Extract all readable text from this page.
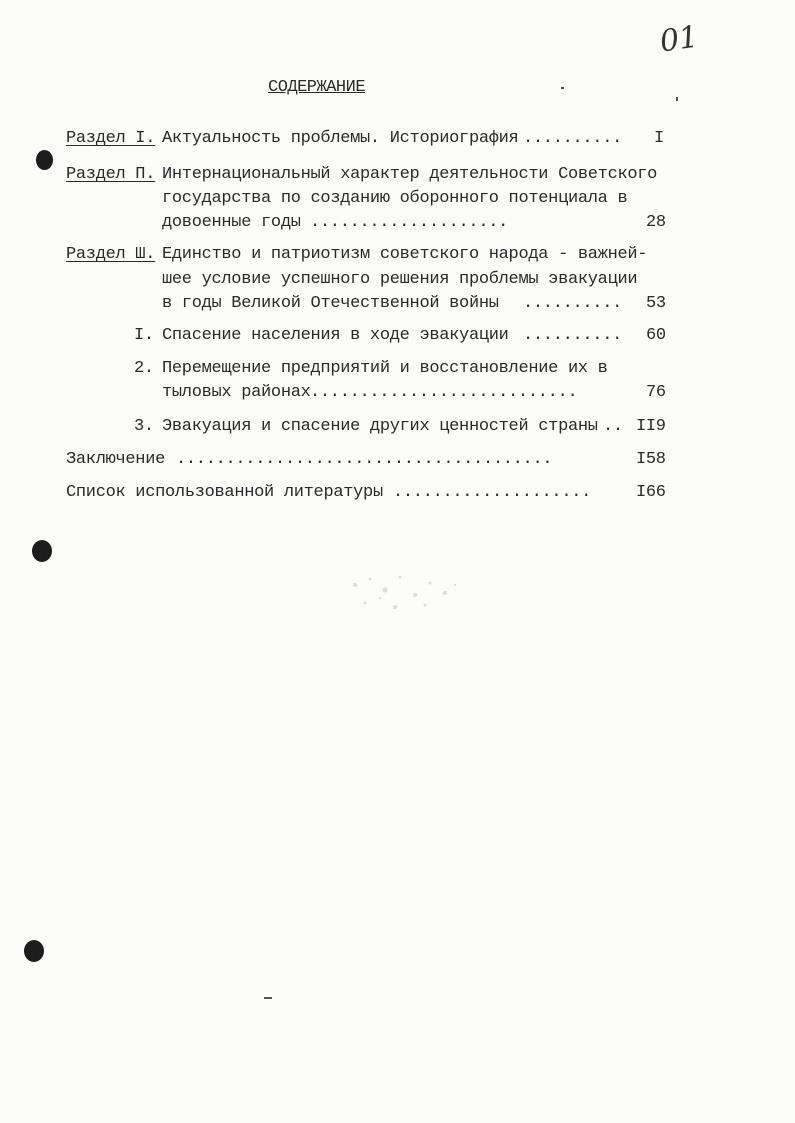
01
СОДЕРЖАНИЕ
Раздел I. Актуальность проблемы. Историография .......... I
Раздел П. Интернациональный характер деятельности Советского
государства по созданию оборонного потенциала в
довоенные годы ....................	28
Раздел Ш. Единство и патриотизм советского народа - важней-
шее условие успешного решения проблемы эвакуации
в годы Великой Отечественной войны .......... 53
I. Спасение населения в ходе эвакуации .......... 60
2. Перемещение предприятий и восстановление их в
тыловых районах ...........................	76
3. Эвакуация и спасение других ценностей страны .. II9
Заключение ......................................	I58
Список использованной литературы ....................	I66
